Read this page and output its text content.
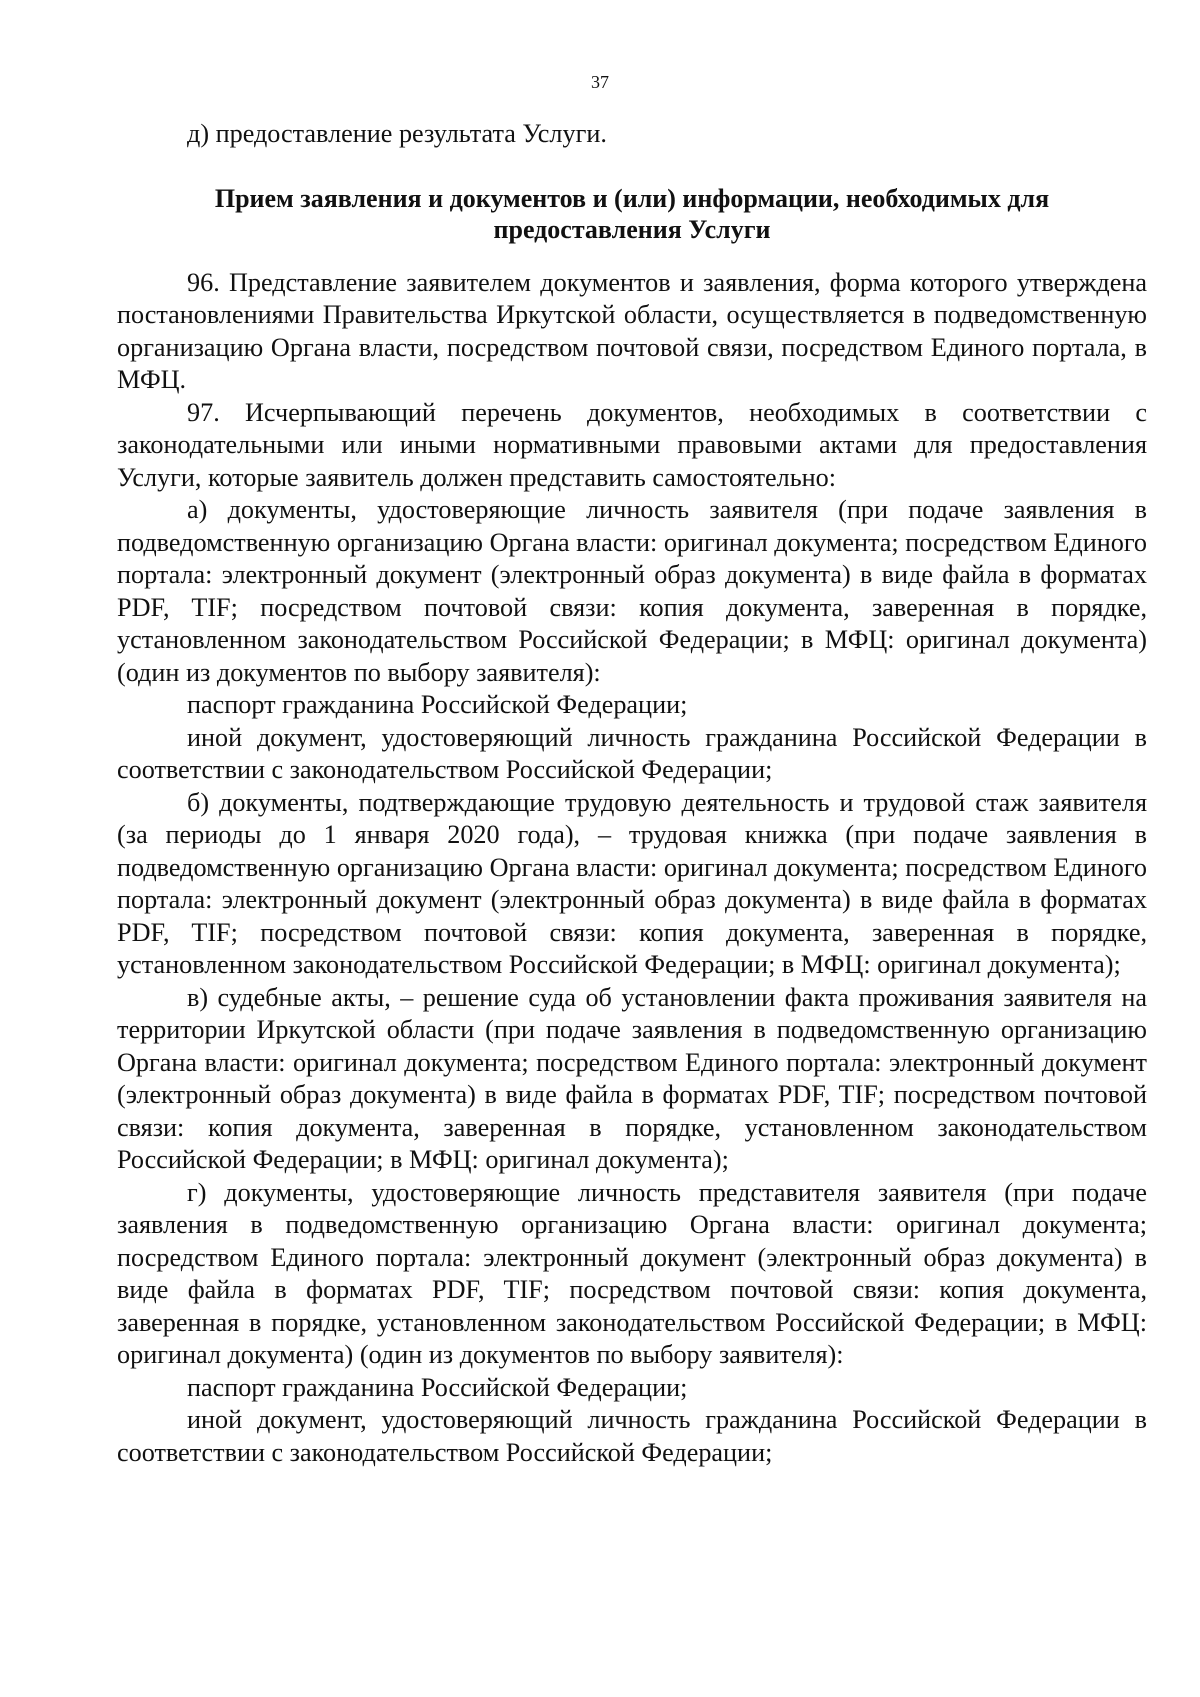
37

д) предоставление результата Услуги.

Прием заявления и документов и (или) информации, необходимых для
предоставления Услуги

96. Представление заявителем документов и заявления, форма которого утверждена постановлениями Правительства Иркутской области, осуществляется в подведомственную организацию Органа власти, посредством почтовой связи, посредством Единого портала, в МФЦ.

97. Исчерпывающий перечень документов, необходимых в соответствии с законодательными или иными нормативными правовыми актами для предоставления Услуги, которые заявитель должен представить самостоятельно:

а) документы, удостоверяющие личность заявителя (при подаче заявления в подведомственную организацию Органа власти: оригинал документа; посредством Единого портала: электронный документ (электронный образ документа) в виде файла в форматах PDF, TIF; посредством почтовой связи: копия документа, заверенная в порядке, установленном законодательством Российской Федерации; в МФЦ: оригинал документа) (один из документов по выбору заявителя):

паспорт гражданина Российской Федерации;

иной документ, удостоверяющий личность гражданина Российской Федерации в соответствии с законодательством Российской Федерации;

б) документы, подтверждающие трудовую деятельность и трудовой стаж заявителя (за периоды до 1 января 2020 года), – трудовая книжка (при подаче заявления в подведомственную организацию Органа власти: оригинал документа; посредством Единого портала: электронный документ (электронный образ документа) в виде файла в форматах PDF, TIF; посредством почтовой связи: копия документа, заверенная в порядке, установленном законодательством Российской Федерации; в МФЦ: оригинал документа);

в) судебные акты, – решение суда об установлении факта проживания заявителя на территории Иркутской области (при подаче заявления в подведомственную организацию Органа власти: оригинал документа; посредством Единого портала: электронный документ (электронный образ документа) в виде файла в форматах PDF, TIF; посредством почтовой связи: копия документа, заверенная в порядке, установленном законодательством Российской Федерации; в МФЦ: оригинал документа);

г) документы, удостоверяющие личность представителя заявителя (при подаче заявления в подведомственную организацию Органа власти: оригинал документа; посредством Единого портала: электронный документ (электронный образ документа) в виде файла в форматах PDF, TIF; посредством почтовой связи: копия документа, заверенная в порядке, установленном законодательством Российской Федерации; в МФЦ: оригинал документа) (один из документов по выбору заявителя):

паспорт гражданина Российской Федерации;

иной документ, удостоверяющий личность гражданина Российской Федерации в соответствии с законодательством Российской Федерации;
